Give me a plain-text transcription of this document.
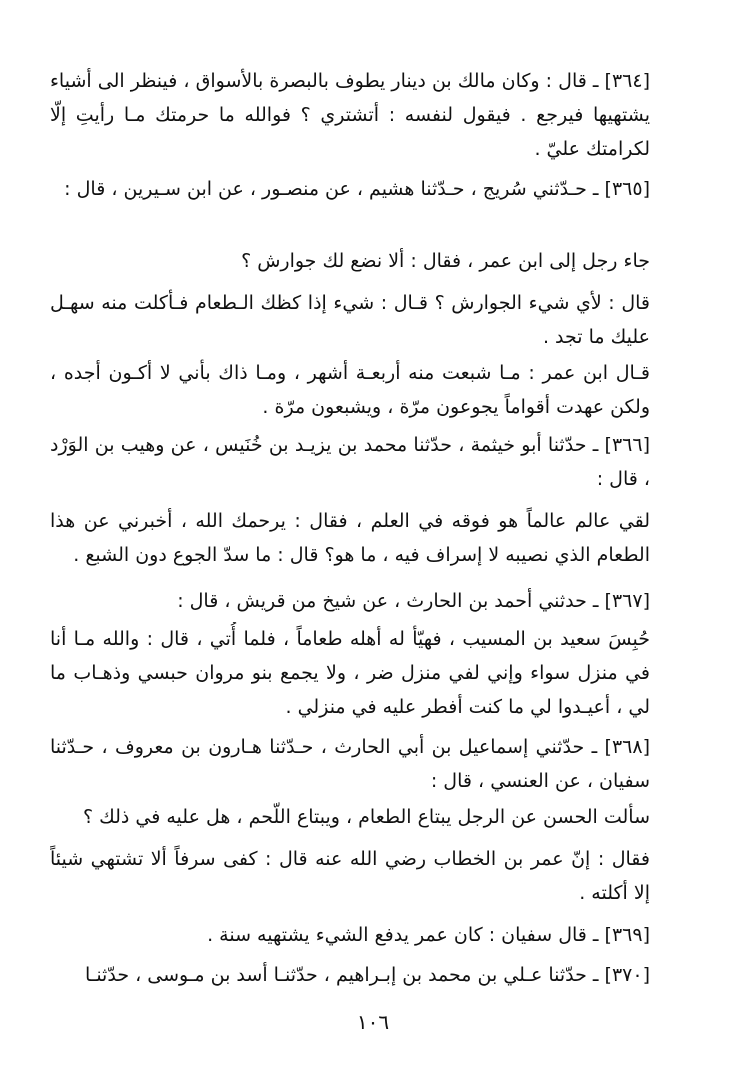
[٣٦٤] ـ قال : وكان مالك بن دينار يطوف بالبصرة بالأسواق ، فينظر الى أشياء يشتهيها فيرجع . فيقول لنفسه : أتشتري ؟ فوالله ما حرمتك مـا رأيتِ إلّا لكرامتك عليّ .
[٣٦٥] ـ حـدّثني سُريج ، حـدّثنا هشيم ، عن منصـور ، عن ابن سـيرين ، قال :
جاء رجل إلى ابن عمر ، فقال : ألا نضع لك جوارش ؟
قال : لأي شيء الجوارش ؟ قـال : شيء إذا كظك الـطعام فـأكلت منه سهـل عليك ما تجد .
قـال ابن عمر : مـا شبعت منه أربعـة أشهر ، ومـا ذاك بأني لا أكـون أجده ، ولكن عهدت أقواماً يجوعون مرّة ، ويشبعون مرّة .
[٣٦٦] ـ حدّثنا أبو خيثمة ، حدّثنا محمد بن يزيـد بن خُنَيس ، عن وهيب بن الوَرْد ، قال :
لقي عالم عالماً هو فوقه في العلم ، فقال : يرحمك الله ، أخبرني عن هذا الطعام الذي نصيبه لا إسراف فيه ، ما هو؟ قال : ما سدّ الجوع دون الشبع .
[٣٦٧] ـ حدثني أحمد بن الحارث ، عن شيخ من قريش ، قال :
حُبِسَ سعيد بن المسيب ، فهيّأ له أهله طعاماً ، فلما أُتي ، قال : والله مـا أنا في منزل سواء وإني لفي منزل ضر ، ولا يجمع بنو مروان حبسي وذهـاب ما لي ، أعيـدوا لي ما كنت أفطر عليه في منزلي .
[٣٦٨] ـ حدّثني إسماعيل بن أبي الحارث ، حـدّثنا هـارون بن معروف ، حـدّثنا سفيان ، عن العنسي ، قال :
سألت الحسن عن الرجل يبتاع الطعام ، ويبتاع اللّحم ، هل عليه في ذلك ؟
فقال : إنّ عمر بن الخطاب رضي الله عنه قال : كفى سرفاً ألا تشتهي شيئاً إلا أكلته .
[٣٦٩] ـ قال سفيان : كان عمر يدفع الشيء يشتهيه سنة .
[٣٧٠] ـ حدّثنا عـلي بن محمد بن إبـراهيم ، حدّثنـا أسد بن مـوسى ، حدّثنـا
١٠٦
